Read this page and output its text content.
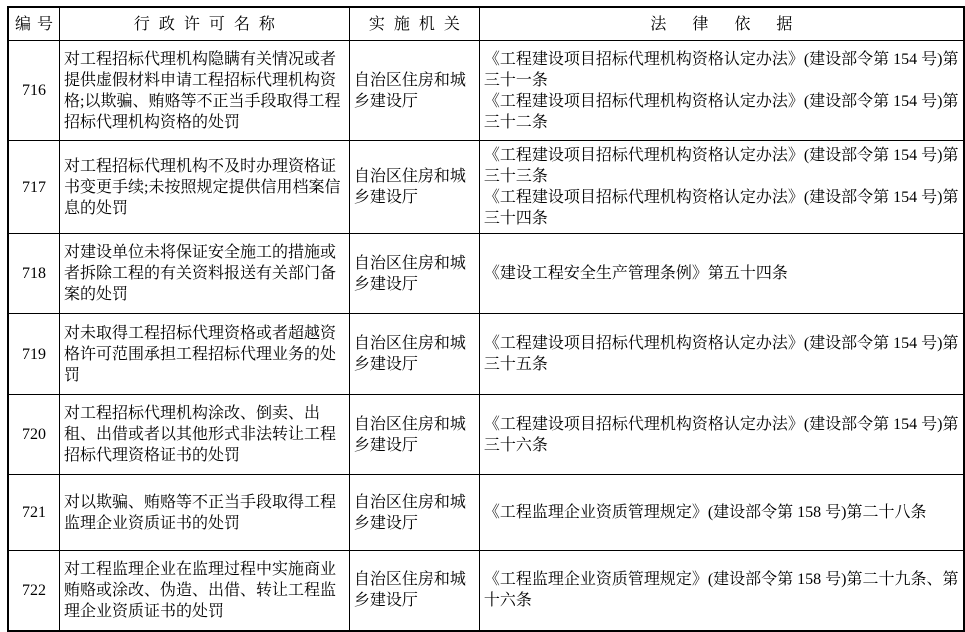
编号	行政许可名称	实施机关	法律依据
716	对工程招标代理机构隐瞒有关情况或者提供虚假材料申请工程招标代理机构资格;以欺骗、贿赂等不正当手段取得工程招标代理机构资格的处罚	自治区住房和城乡建设厅	《工程建设项目招标代理机构资格认定办法》(建设部令第 154 号)第三十一条
《工程建设项目招标代理机构资格认定办法》(建设部令第 154 号)第三十二条

717	对工程招标代理机构不及时办理资格证书变更手续;未按照规定提供信用档案信息的处罚	自治区住房和城乡建设厅	《工程建设项目招标代理机构资格认定办法》(建设部令第 154 号)第三十三条
《工程建设项目招标代理机构资格认定办法》(建设部令第 154 号)第三十四条

718	对建设单位未将保证安全施工的措施或者拆除工程的有关资料报送有关部门备案的处罚	自治区住房和城乡建设厅	《建设工程安全生产管理条例》第五十四条

719	对未取得工程招标代理资格或者超越资格许可范围承担工程招标代理业务的处罚	自治区住房和城乡建设厅	《工程建设项目招标代理机构资格认定办法》(建设部令第 154 号)第三十五条

720	对工程招标代理机构涂改、倒卖、出租、出借或者以其他形式非法转让工程招标代理资格证书的处罚	自治区住房和城乡建设厅	《工程建设项目招标代理机构资格认定办法》(建设部令第 154 号)第三十六条

721	对以欺骗、贿赂等不正当手段取得工程监理企业资质证书的处罚	自治区住房和城乡建设厅	《工程监理企业资质管理规定》(建设部令第 158 号)第二十八条

722	对工程监理企业在监理过程中实施商业贿赂或涂改、伪造、出借、转让工程监理企业资质证书的处罚	自治区住房和城乡建设厅	《工程监理企业资质管理规定》(建设部令第 158 号)第二十九条、第十六条
